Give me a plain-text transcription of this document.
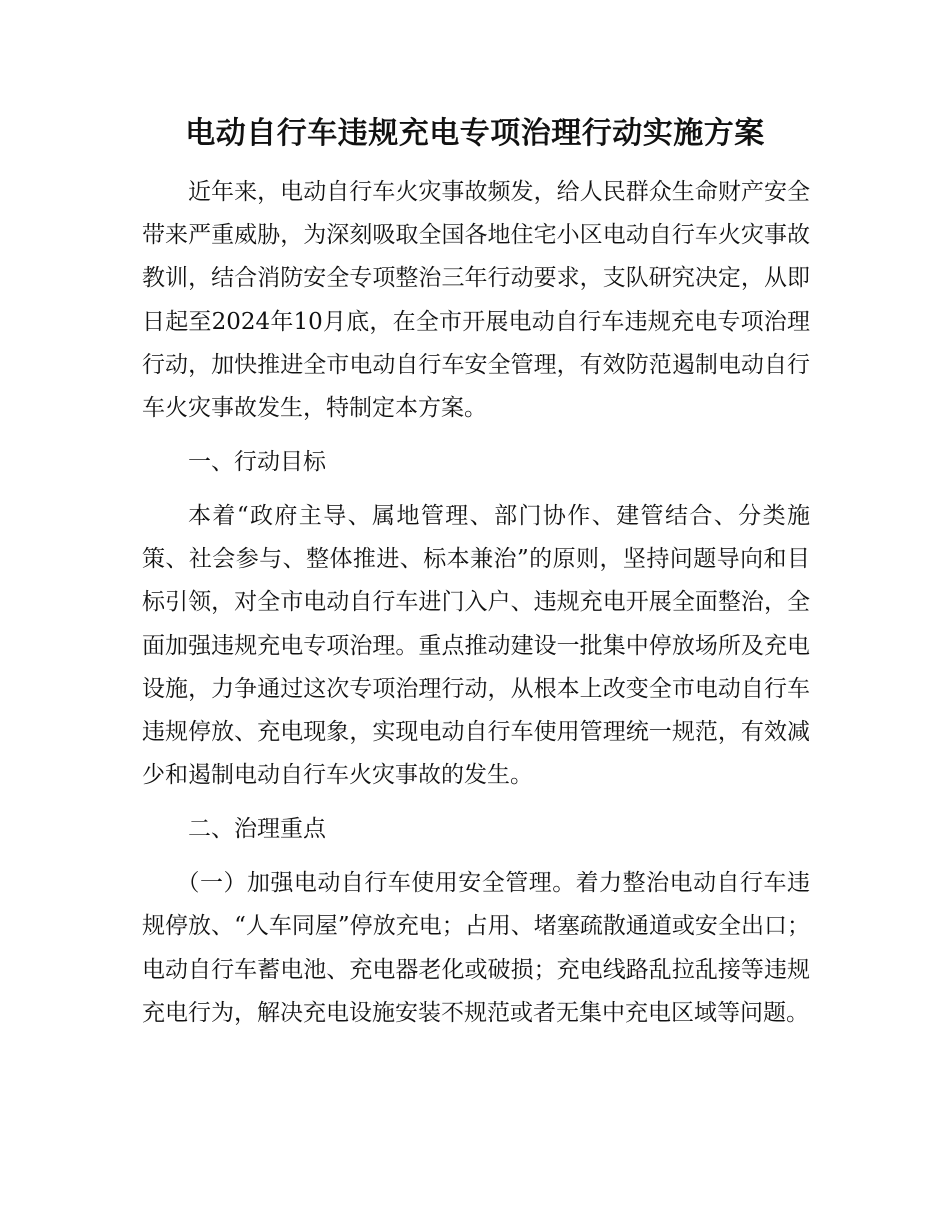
电动自行车违规充电专项治理行动实施方案

近年来，电动自行车火灾事故频发，给人民群众生命财产安全带来严重威胁，为深刻吸取全国各地住宅小区电动自行车火灾事故教训，结合消防安全专项整治三年行动要求，支队研究决定，从即日起至2024年10月底，在全市开展电动自行车违规充电专项治理行动，加快推进全市电动自行车安全管理，有效防范遏制电动自行车火灾事故发生，特制定本方案。

一、行动目标

本着“政府主导、属地管理、部门协作、建管结合、分类施策、社会参与、整体推进、标本兼治”的原则，坚持问题导向和目标引领，对全市电动自行车进门入户、违规充电开展全面整治，全面加强违规充电专项治理。重点推动建设一批集中停放场所及充电设施，力争通过这次专项治理行动，从根本上改变全市电动自行车违规停放、充电现象，实现电动自行车使用管理统一规范，有效减少和遏制电动自行车火灾事故的发生。

二、治理重点

（一）加强电动自行车使用安全管理。着力整治电动自行车违规停放、“人车同屋”停放充电；占用、堵塞疏散通道或安全出口；电动自行车蓄电池、充电器老化或破损；充电线路乱拉乱接等违规充电行为，解决充电设施安装不规范或者无集中充电区域等问题。
